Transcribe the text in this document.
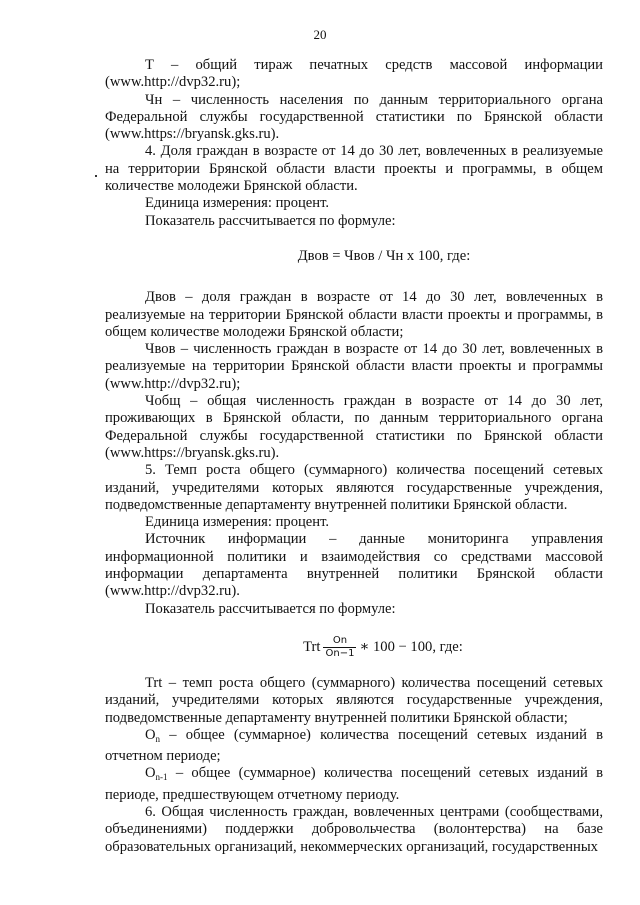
20

Т – общий тираж печатных средств массовой информации (www.http://dvp32.ru);

Чн – численность населения по данным территориального органа Федеральной службы государственной статистики по Брянской области (www.https://bryansk.gks.ru).

4. Доля граждан в возрасте от 14 до 30 лет, вовлеченных в реализуемые на территории Брянской области власти проекты и программы, в общем количестве молодежи Брянской области.

Единица измерения: процент.

Показатель рассчитывается по формуле:

Двов = Чвов / Чн х 100, где:

Двов – доля граждан в возрасте от 14 до 30 лет, вовлеченных в реализуемые на территории Брянской области власти проекты и программы, в общем количестве молодежи Брянской области;

Чвов – численность граждан в возрасте от 14 до 30 лет, вовлеченных в реализуемые на территории Брянской области власти проекты и программы (www.http://dvp32.ru);

Чобщ – общая численность граждан в возрасте от 14 до 30 лет, проживающих в Брянской области, по данным территориального органа Федеральной службы государственной статистики по Брянской области (www.https://bryansk.gks.ru).

5. Темп роста общего (суммарного) количества посещений сетевых изданий, учредителями которых являются государственные учреждения, подведомственные департаменту внутренней политики Брянской области.

Единица измерения: процент.

Источник информации – данные мониторинга управления информационной политики и взаимодействия со средствами массовой информации департамента внутренней политики Брянской области (www.http://dvp32.ru).

Показатель рассчитывается по формуле:

Trt $\frac{On}{On-1}$ ∗ 100 − 100, где:

Trt – темп роста общего (суммарного) количества посещений сетевых изданий, учредителями которых являются государственные учреждения, подведомственные департаменту внутренней политики Брянской области;

$О_n$ – общее (суммарное) количества посещений сетевых изданий в отчетном периоде;

$О_{n-1}$ – общее (суммарное) количества посещений сетевых изданий в периоде, предшествующем отчетному периоду.

6. Общая численность граждан, вовлеченных центрами (сообществами, объединениями) поддержки добровольчества (волонтерства) на базе образовательных организаций, некоммерческих организаций, государственных
